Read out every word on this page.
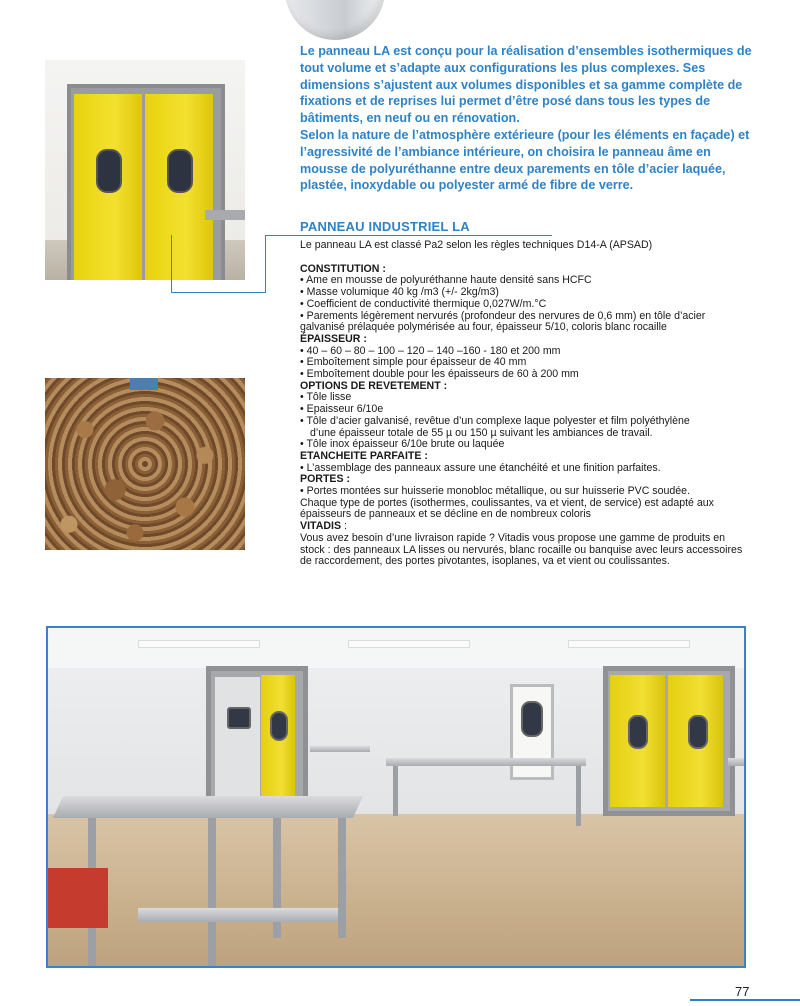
Le panneau LA est conçu pour la réalisation d’ensembles isothermiques de tout volume et s’adapte aux configurations les plus complexes. Ses dimensions s’ajustent aux volumes disponibles et sa gamme complète de fixations et de reprises lui permet d’être posé dans tous les types de bâtiments, en neuf ou en rénovation.

Selon la nature de l’atmosphère extérieure (pour les éléments en façade) et l’agressivité de l’ambiance intérieure, on choisira le panneau âme en mousse de polyuréthanne entre deux parements en tôle d’acier laquée, plastée, inoxydable ou polyester armé de fibre de verre.

PANNEAU INDUSTRIEL LA

Le panneau LA est classé Pa2 selon les règles techniques D14-A (APSAD)

CONSTITUTION :

• Ame en mousse de polyuréthanne haute densité sans HCFC

• Masse volumique 40 kg /m3 (+/- 2kg/m3)

• Coefficient de conductivité thermique 0,027W/m.°C

• Parements légèrement nervurés (profondeur des nervures de 0,6 mm) en tôle d’acier galvanisé prélaquée polymérisée au four, épaisseur 5/10, coloris blanc rocaille

ÉPAISSEUR :

• 40 – 60 – 80 – 100 – 120 – 140 –160 - 180 et 200 mm

• Emboîtement simple pour épaisseur de 40 mm

• Emboîtement double pour les épaisseurs de 60 à 200 mm

OPTIONS DE REVETEMENT :

• Tôle lisse

• Epaisseur 6/10e

• Tôle d’acier galvanisé, revêtue d’un complexe laque polyester et film polyéthylène

d’une épaisseur totale de 55 µ ou 150 µ suivant les ambiances de travail.

• Tôle inox épaisseur 6/10e brute ou laquée

ETANCHEITE PARFAITE :

• L’assemblage des panneaux assure une étanchéité et une finition parfaites.

PORTES :

• Portes montées sur huisserie monobloc métallique, ou sur huisserie PVC soudée.

Chaque type de portes (isothermes, coulissantes, va et vient, de service) est adapté aux épaisseurs de panneaux et se décline en de nombreux coloris

VITADIS :

Vous avez besoin d’une livraison rapide ? Vitadis vous propose une gamme de produits en stock : des panneaux LA lisses ou nervurés, blanc rocaille ou banquise avec leurs accessoires de raccordement, des portes pivotantes, isoplanes, va et vient ou coulissantes.

77
